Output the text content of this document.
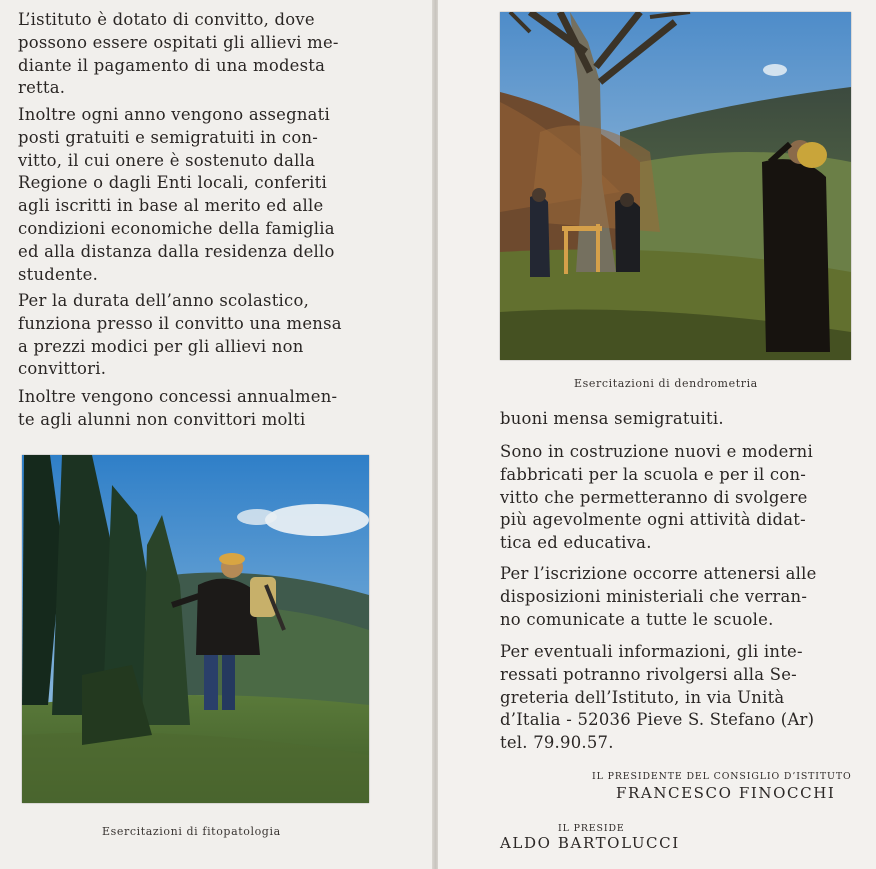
L’istituto è dotato di convitto, dove
possono essere ospitati gli allievi me-
diante il pagamento di una modesta
retta.

Inoltre ogni anno vengono assegnati
posti gratuiti e semigratuiti in con-
vitto, il cui onere è sostenuto dalla
Regione o dagli Enti locali, conferiti
agli iscritti in base al merito ed alle
condizioni economiche della famiglia
ed alla distanza dalla residenza dello
studente.

Per la durata dell’anno scolastico,
funziona presso il convitto una mensa
a prezzi modici per gli allievi non
convittori.

Inoltre vengono concessi annualmen-
te agli alunni non convittori molti

Esercitazioni di fitopatologia
Esercitazioni di dendrometria

buoni mensa semigratuiti.

Sono in costruzione nuovi e moderni
fabbricati per la scuola e per il con-
vitto che permetteranno di svolgere
più agevolmente ogni attività didat-
tica ed educativa.

Per l’iscrizione occorre attenersi alle
disposizioni ministeriali che verran-
no comunicate a tutte le scuole.

Per eventuali informazioni, gli inte-
ressati potranno rivolgersi alla Se-
greteria dell’Istituto, in via Unità
d’Italia - 52036 Pieve S. Stefano (Ar)
tel. 79.90.57.

IL PRESIDENTE DEL CONSIGLIO D’ISTITUTO
FRANCESCO FINOCCHI
IL PRESIDE
ALDO BARTOLUCCI
